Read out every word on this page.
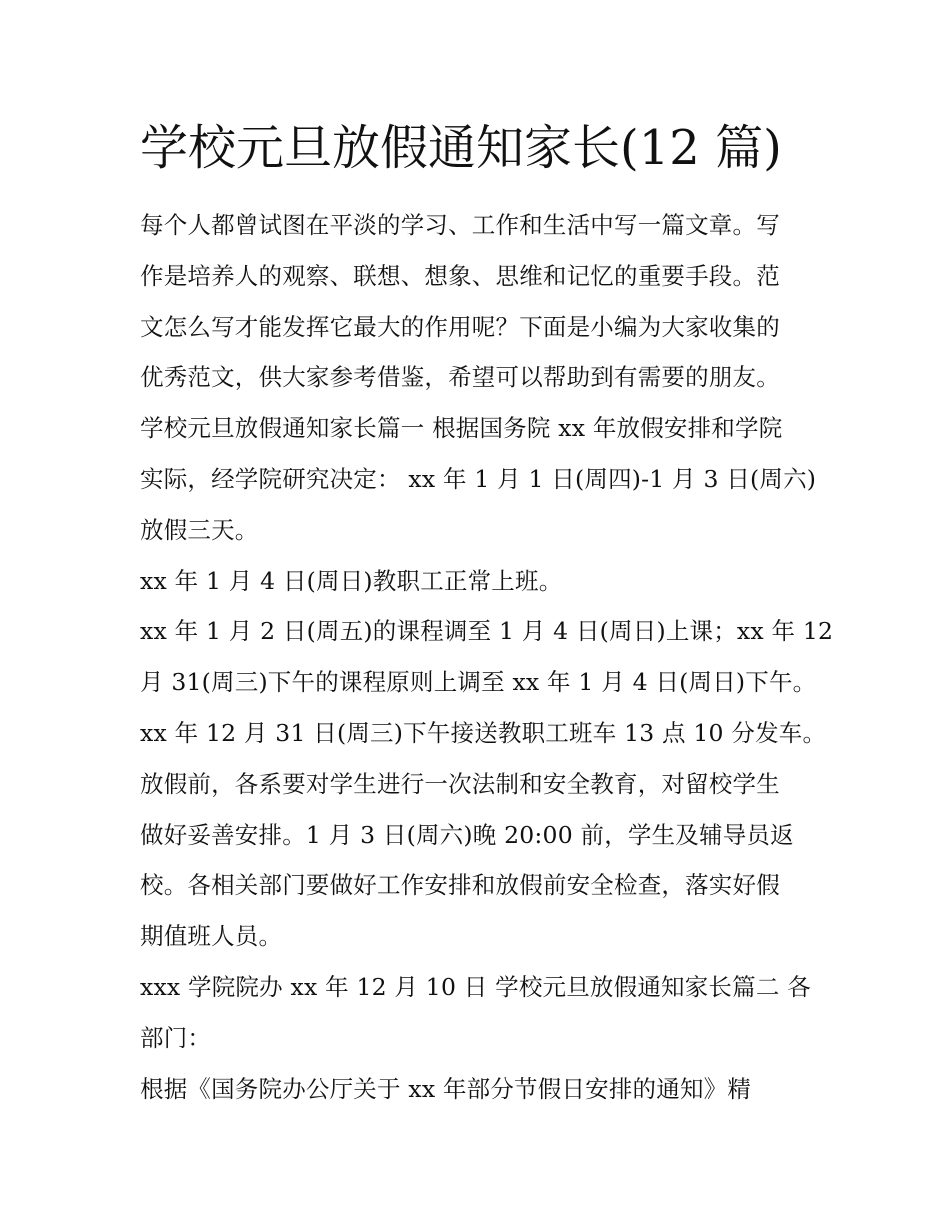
学校元旦放假通知家长(12 篇)
每个人都曾试图在平淡的学习、工作和生活中写一篇文章。写
作是培养人的观察、联想、想象、思维和记忆的重要手段。范
文怎么写才能发挥它最大的作用呢？下面是小编为大家收集的
优秀范文，供大家参考借鉴，希望可以帮助到有需要的朋友。
学校元旦放假通知家长篇一 根据国务院 xx 年放假安排和学院
实际，经学院研究决定： xx 年 1 月 1 日(周四)-1 月 3 日(周六)
放假三天。
xx 年 1 月 4 日(周日)教职工正常上班。
xx 年 1 月 2 日(周五)的课程调至 1 月 4 日(周日)上课；xx 年 12
月 31(周三)下午的课程原则上调至 xx 年 1 月 4 日(周日)下午。
xx 年 12 月 31 日(周三)下午接送教职工班车 13 点 10 分发车。
放假前，各系要对学生进行一次法制和安全教育，对留校学生
做好妥善安排。1 月 3 日(周六)晚 20:00 前，学生及辅导员返
校。各相关部门要做好工作安排和放假前安全检查，落实好假
期值班人员。
xxx 学院院办 xx 年 12 月 10 日 学校元旦放假通知家长篇二 各
部门：
根据《国务院办公厅关于 xx 年部分节假日安排的通知》精
